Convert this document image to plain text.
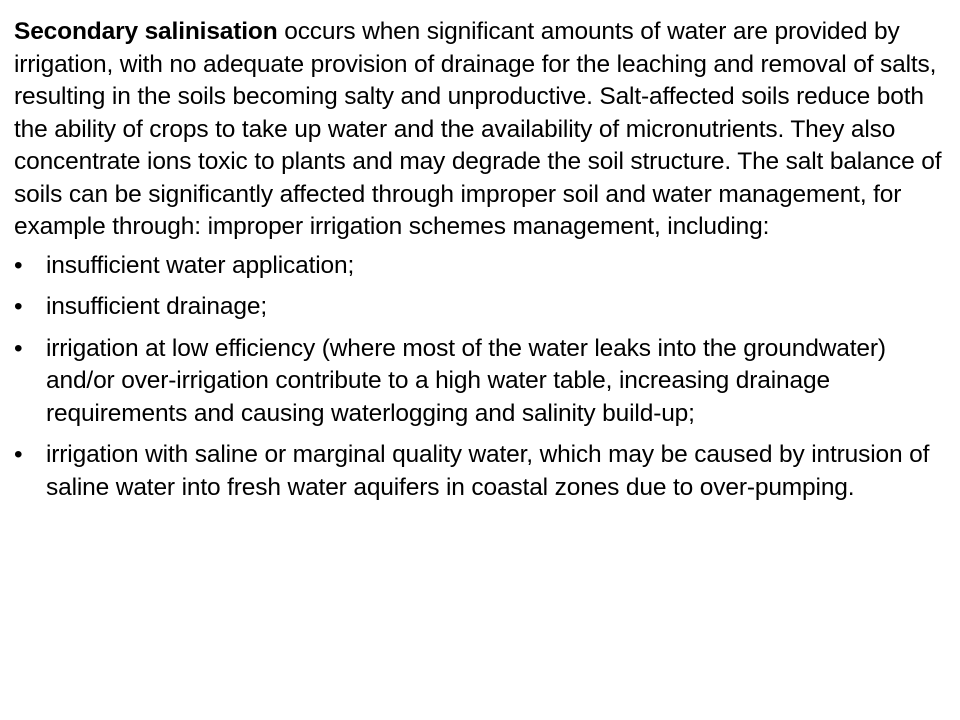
Secondary salinisation occurs when significant amounts of water are provided by irrigation, with no adequate provision of drainage for the leaching and removal of salts, resulting in the soils becoming salty and unproductive. Salt-affected soils reduce both the ability of crops to take up water and the availability of micronutrients. They also concentrate ions toxic to plants and may degrade the soil structure. The salt balance of soils can be significantly affected through improper soil and water management, for example through: improper irrigation schemes management, including:

• insufficient water application;
• insufficient drainage;
• irrigation at low efficiency (where most of the water leaks into the groundwater) and/or over-irrigation contribute to a high water table, increasing drainage requirements and causing waterlogging and salinity build-up;
• irrigation with saline or marginal quality water, which may be caused by intrusion of saline water into fresh water aquifers in coastal zones due to over-pumping.
